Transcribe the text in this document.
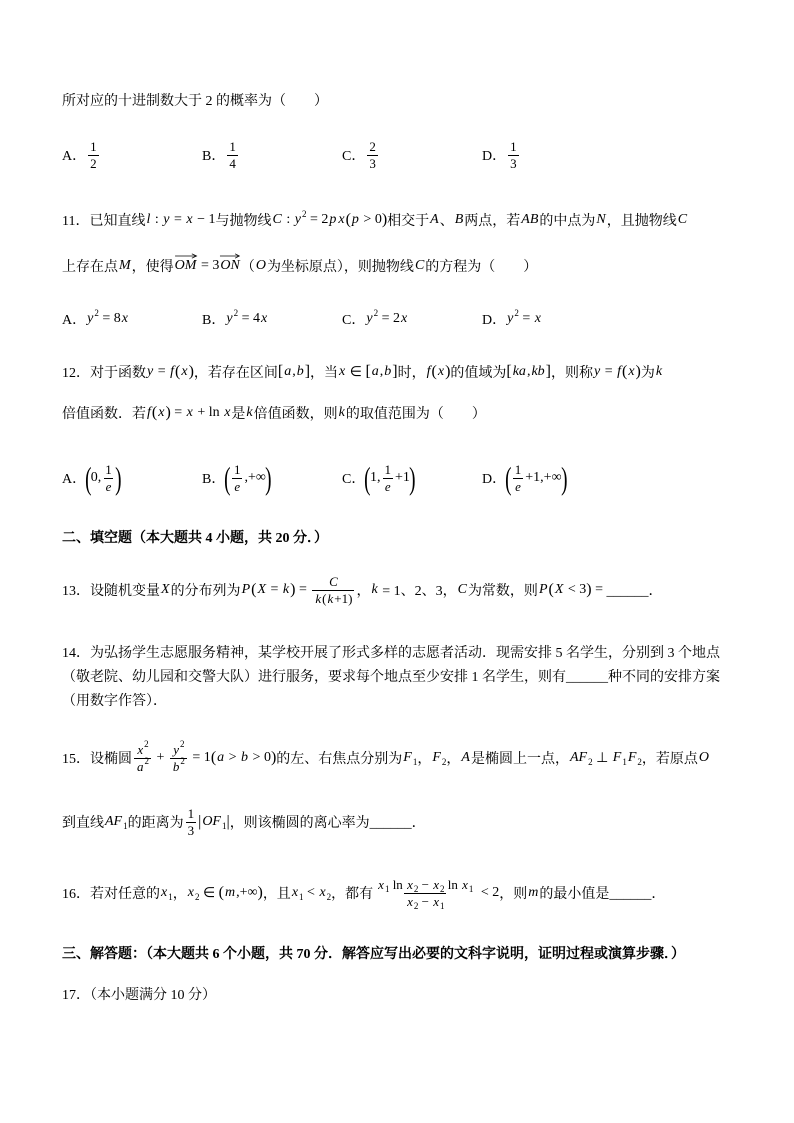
所对应的十进制数大于 2 的概率为（　　）
A． $\frac{1}{2}$	B． $\frac{1}{4}$	C． $\frac{2}{3}$	D． $\frac{1}{3}$
11．已知直线 l : y = x − 1 与抛物线 C : y 2 = 2 p x ( p > 0 ) 相交于 A 、 B 两点，若 AB 的中点为 N ，且抛物线 C
上存在点 M ，使得 OM = 3 ON （ O 为坐标原点），则抛物线 C 的方程为（　　）
A． y 2 = 8 x	B． y 2 = 4 x	C． y 2 = 2 x	D． y 2 = x
12．对于函数 y = f ( x ) ，若存在区间 [ a , b ] ，当 x ∈ [ a , b ] 时， f ( x ) 的值域为 [ ka , kb ] ，则称 y = f ( x ) 为 k
倍值函数．若 f ( x ) = x + ln x 是 k 倍值函数，则 k 的取值范围为（　　）
A． ( 0, $\frac{1}{e}$ )	B． ( $\frac{1}{e}$ ,+∞ )	C． ( 1, $\frac{1}{e} +1$ )	D． ( $\frac{1}{e} +1,+\infty$ )
二、填空题（本大题共 4 小题，共 20 分．）
13．设随机变量 X 的分布列为 P ( X = k ) = $\frac{C}{k ( k +1 )}$ ， k = 1、2、3， C 为常数，则 P ( X < 3 ) = ______．
14．为弘扬学生志愿服务精神，某学校开展了形式多样的志愿者活动．现需安排 5 名学生，分别到 3 个地点
（敬老院、幼儿园和交警大队）进行服务，要求每个地点至少安排 1 名学生，则有______种不同的安排方案
（用数字作答）．
15．设椭圆 $\frac{x 2}{a 2} + \frac{y 2}{b 2} = 1$ ( a > b > 0 ) 的左、右焦点分别为 F 1 ， F 2 ， A 是椭圆上一点， AF 2 ⊥ F 1 F 2 ，若原点 O
到直线 AF 1 的距离为 $\frac{1}{3}$ | OF 1 | ，则该椭圆的离心率为______．
16．若对任意的 x 1 ， x 2 ∈ ( m ,+∞ ) ，且 x 1 < x 2 ，都有 $\frac{\text{x 1 ln x 2 − x 2 ln x 1}}{x 2 - x 1} < 2$ ，则 m 的最小值是______．
三、解答题：（本大题共 6 个小题，共 70 分．解答应写出必要的文科字说明，证明过程或演算步骤．）
17．（本小题满分 10 分）
